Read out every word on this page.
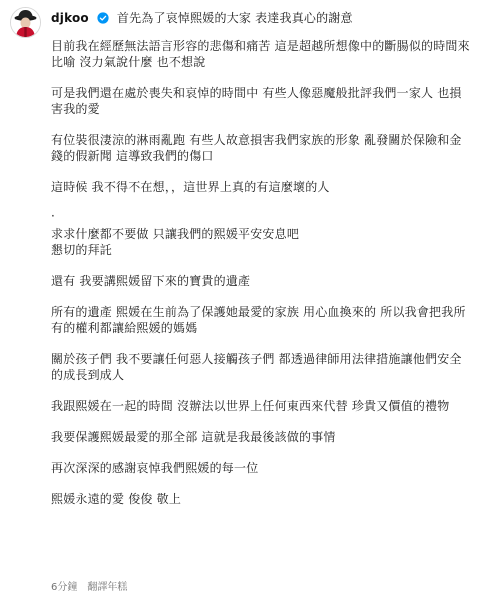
djkoo 首先為了哀悼熙媛的大家 表達我真心的謝意

目前我在經歷無法語言形容的悲傷和痛苦 這是超越所想像中的斷腸似的時間來比喻 沒力氣說什麼 也不想說

可是我們還在處於喪失和哀悼的時間中 有些人像惡魔般批評我們一家人 也損害我的愛

有位裝很淒涼的淋雨亂跑 有些人故意損害我們家族的形象 亂發關於保險和金錢的假新聞 這導致我們的傷口

這時候 我不得不在想，，這世界上真的有這麼壞的人

·

求求什麼都不要做 只讓我們的熙媛平安安息吧
懇切的拜託

還有 我要講熙媛留下來的寶貴的遺產

所有的遺產 熙媛在生前為了保護她最愛的家族 用心血換來的 所以我會把我所有的權利都讓給熙媛的媽媽

關於孩子們 我不要讓任何惡人接觸孩子們 都透過律師用法律措施讓他們安全的成長到成人

我跟熙媛在一起的時間 沒辦法以世界上任何東西來代替 珍貴又價值的禮物

我要保護熙媛最愛的那全部 這就是我最後該做的事情

再次深深的感謝哀悼我們熙媛的每一位

熙媛永遠的愛 俊俊 敬上

6分鐘 翻譯年糕
